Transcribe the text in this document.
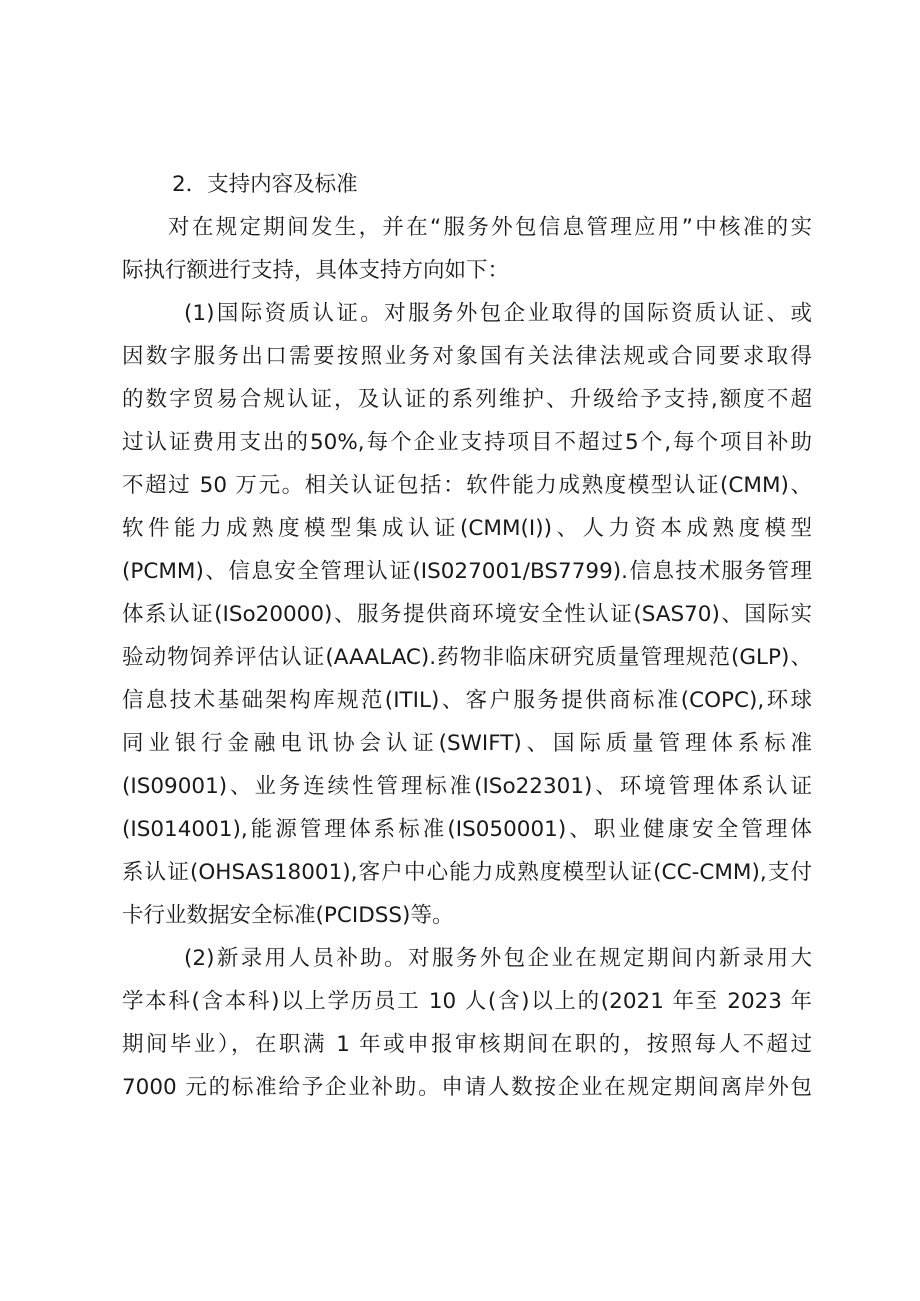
2．支持内容及标准
对在规定期间发生，并在“服务外包信息管理应用”中核准的实
际执行额进行支持，具体支持方向如下：
(1)国际资质认证。对服务外包企业取得的国际资质认证、或
因数字服务出口需要按照业务对象国有关法律法规或合同要求取得
的数字贸易合规认证，及认证的系列维护、升级给予支持,额度不超
过认证费用支出的50%,每个企业支持项目不超过5个,每个项目补助
不超过 50 万元。相关认证包括：软件能力成熟度模型认证(CMM)、
软件能力成熟度模型集成认证(CMM(I))、人力资本成熟度模型
(PCMM)、信息安全管理认证(IS027001/BS7799).信息技术服务管理
体系认证(ISo20000)、服务提供商环境安全性认证(SAS70)、国际实
验动物饲养评估认证(AAALAC).药物非临床研究质量管理规范(GLP)、
信息技术基础架构库规范(ITIL)、客户服务提供商标准(COPC),环球
同业银行金融电讯协会认证(SWIFT)、国际质量管理体系标准
(IS09001)、业务连续性管理标准(ISo22301)、环境管理体系认证
(IS014001),能源管理体系标准(IS050001)、职业健康安全管理体
系认证(OHSAS18001),客户中心能力成熟度模型认证(CC-CMM),支付
卡行业数据安全标准(PCIDSS)等。
(2)新录用人员补助。对服务外包企业在规定期间内新录用大
学本科(含本科)以上学历员工 10 人(含)以上的(2021 年至 2023 年
期间毕业），在职满 1 年或申报审核期间在职的，按照每人不超过
7000 元的标准给予企业补助。申请人数按企业在规定期间离岸外包
